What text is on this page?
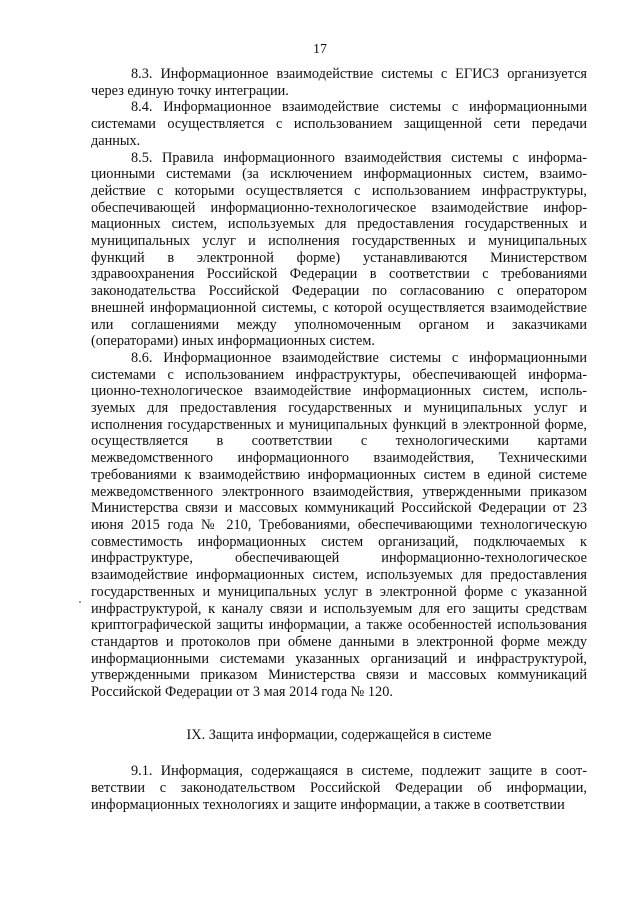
17

8.3. Информационное взаимодействие системы с ЕГИСЗ организуется через единую точку интеграции.

8.4. Информационное взаимодействие системы с информационными системами осуществляется с использованием защищенной сети передачи данных.

8.5. Правила информационного взаимодействия системы с информационными системами (за исключением информационных систем, взаимодействие с которыми осуществляется с использованием инфраструктуры, обеспечивающей информационно-технологическое взаимодействие информационных систем, используемых для предоставления государственных и муниципальных услуг и исполнения государственных и муниципальных функций в электронной форме) устанавливаются Министерством здравоохранения Российской Федерации в соответствии с требованиями законодательства Российской Федерации по согласованию с оператором внешней информационной системы, с которой осуществляется взаимодействие или соглашениями между уполномоченным органом и заказчиками (операторами) иных информационных систем.

8.6. Информационное взаимодействие системы с информационными системами с использованием инфраструктуры, обеспечивающей информационно-технологическое взаимодействие информационных систем, используемых для предоставления государственных и муниципальных услуг и исполнения государственных и муниципальных функций в электронной форме, осуществляется в соответствии с технологическими картами межведомственного информационного взаимодействия, Техническими требованиями к взаимодействию информационных систем в единой системе межведомственного электронного взаимодействия, утвержденными приказом Министерства связи и массовых коммуникаций Российской Федерации от 23 июня 2015 года № 210, Требованиями, обеспечивающими технологическую совместимость информационных систем организаций, подключаемых к инфраструктуре, обеспечивающей информационно-технологическое взаимодействие информационных систем, используемых для предоставления государственных и муниципальных услуг в электронной форме с указанной инфраструктурой, к каналу связи и используемым для его защиты средствам криптографической защиты информации, а также особенностей использования стандартов и протоколов при обмене данными в электронной форме между информационными системами указанных организаций и инфраструктурой, утвержденными приказом Министерства связи и массовых коммуникаций Российской Федерации от 3 мая 2014 года № 120.

IX. Защита информации, содержащейся в системе

9.1. Информация, содержащаяся в системе, подлежит защите в соответствии с законодательством Российской Федерации об информации, информационных технологиях и защите информации, а также в соответствии
